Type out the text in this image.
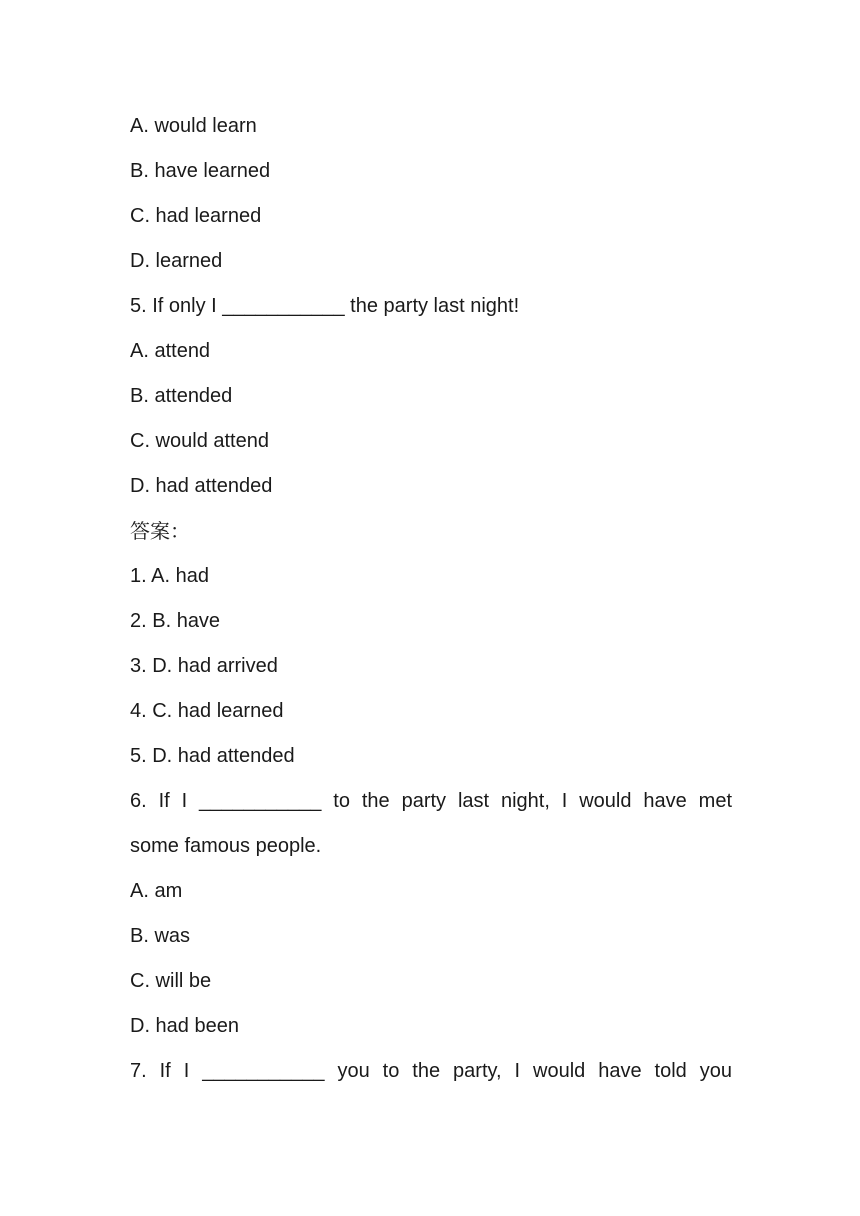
A. would learn
B. have learned
C. had learned
D. learned
5. If only I ___________ the party last night!
A. attend
B. attended
C. would attend
D. had attended
答案：
1. A. had
2. B. have
3. D. had arrived
4. C. had learned
5. D. had attended
6. If I ___________ to the party last night, I would have met
some famous people.
A. am
B. was
C. will be
D. had been
7. If I ___________ you to the party, I would have told you
